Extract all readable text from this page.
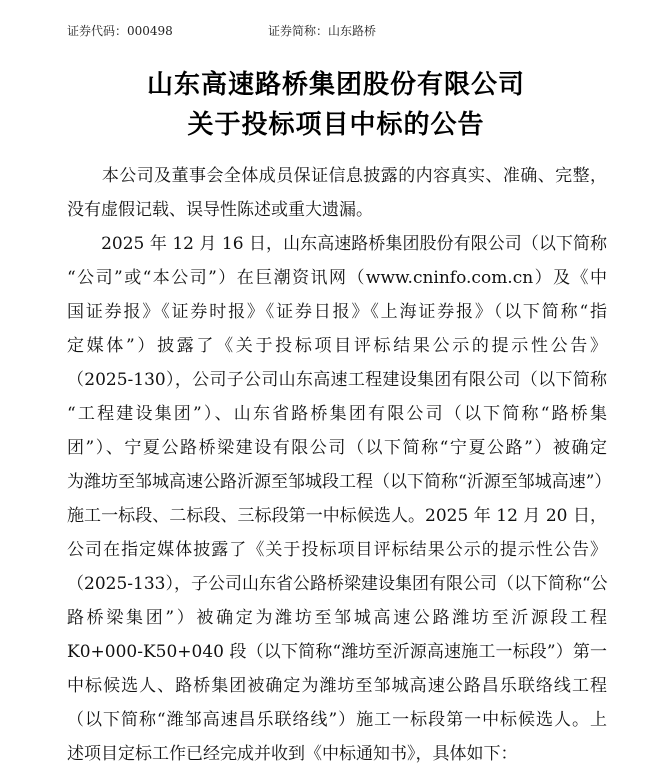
证券代码：000498	证券简称：山东路桥
山东高速路桥集团股份有限公司
关于投标项目中标的公告
　　本公司及董事会全体成员保证信息披露的内容真实、准确、完整，
没有虚假记载、误导性陈述或重大遗漏。
　　2025 年 12 月 16 日，山东高速路桥集团股份有限公司（以下简称
“公司”或“本公司”）在巨潮资讯网（www.cninfo.com.cn）及《中
国证券报》《证券时报》《证券日报》《上海证券报》（以下简称“指
定媒体”）披露了《关于投标项目评标结果公示的提示性公告》
（2025-130），公司子公司山东高速工程建设集团有限公司（以下简称
“工程建设集团”）、山东省路桥集团有限公司（以下简称“路桥集
团”）、宁夏公路桥梁建设有限公司（以下简称“宁夏公路”）被确定
为潍坊至邹城高速公路沂源至邹城段工程（以下简称“沂源至邹城高速”）
施工一标段、二标段、三标段第一中标候选人。2025 年 12 月 20 日，
公司在指定媒体披露了《关于投标项目评标结果公示的提示性公告》
（2025-133），子公司山东省公路桥梁建设集团有限公司（以下简称“公
路桥梁集团”）被确定为潍坊至邹城高速公路潍坊至沂源段工程
K0+000-K50+040 段（以下简称“潍坊至沂源高速施工一标段”）第一
中标候选人、路桥集团被确定为潍坊至邹城高速公路昌乐联络线工程
（以下简称“潍邹高速昌乐联络线”）施工一标段第一中标候选人。上
述项目定标工作已经完成并收到《中标通知书》，具体如下：
